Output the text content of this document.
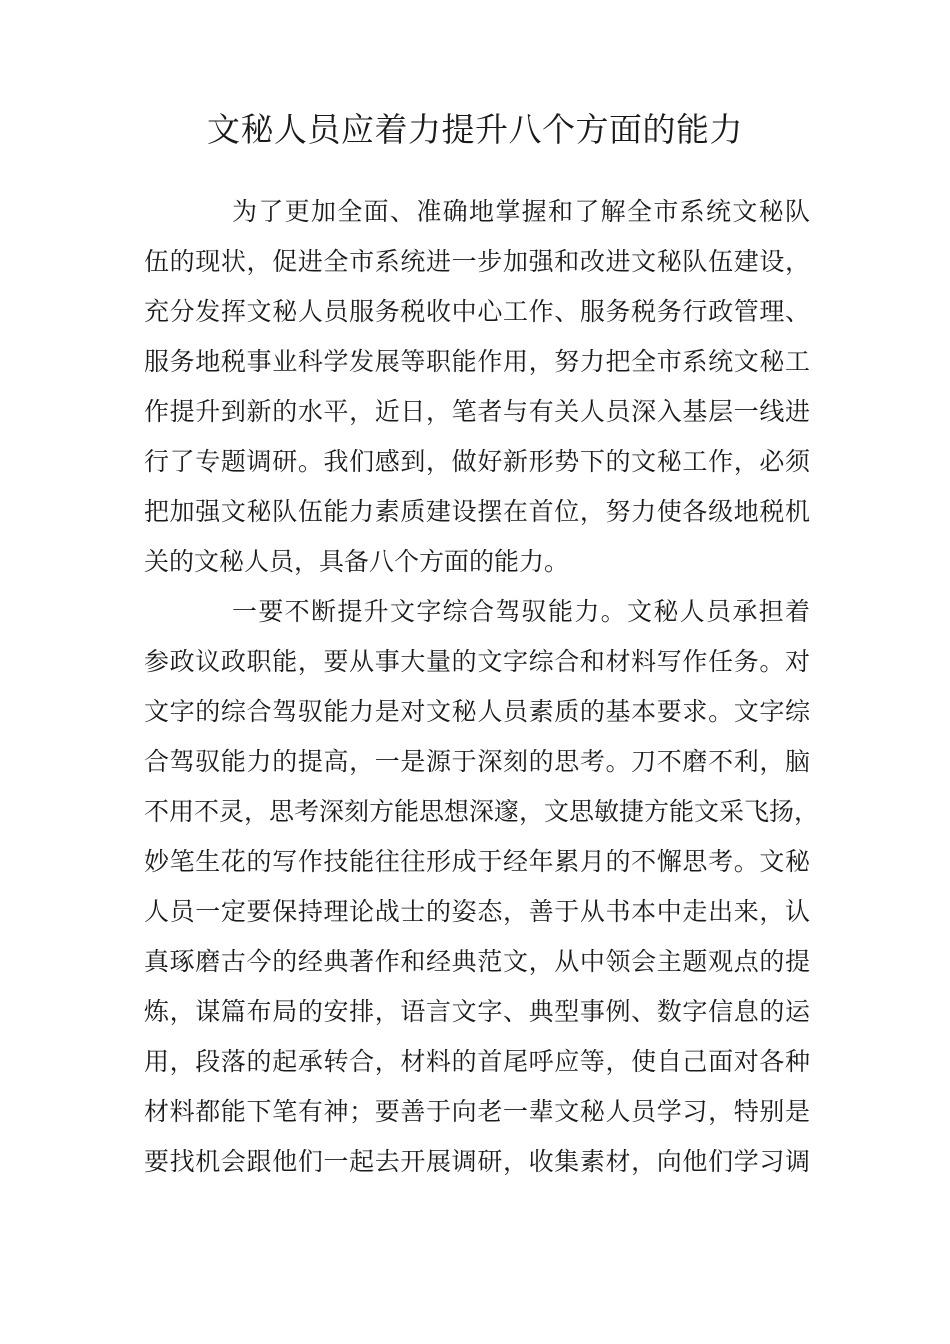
文秘人员应着力提升八个方面的能力

为了更加全面、准确地掌握和了解全市系统文秘队
伍的现状，促进全市系统进一步加强和改进文秘队伍建设，
充分发挥文秘人员服务税收中心工作、服务税务行政管理、
服务地税事业科学发展等职能作用，努力把全市系统文秘工
作提升到新的水平，近日，笔者与有关人员深入基层一线进
行了专题调研。我们感到，做好新形势下的文秘工作，必须
把加强文秘队伍能力素质建设摆在首位，努力使各级地税机
关的文秘人员，具备八个方面的能力。

一要不断提升文字综合驾驭能力。文秘人员承担着
参政议政职能，要从事大量的文字综合和材料写作任务。对
文字的综合驾驭能力是对文秘人员素质的基本要求。文字综
合驾驭能力的提高，一是源于深刻的思考。刀不磨不利，脑
不用不灵，思考深刻方能思想深邃，文思敏捷方能文采飞扬，
妙笔生花的写作技能往往形成于经年累月的不懈思考。文秘
人员一定要保持理论战士的姿态，善于从书本中走出来，认
真琢磨古今的经典著作和经典范文，从中领会主题观点的提
炼，谋篇布局的安排，语言文字、典型事例、数字信息的运
用，段落的起承转合，材料的首尾呼应等，使自己面对各种
材料都能下笔有神；要善于向老一辈文秘人员学习，特别是
要找机会跟他们一起去开展调研，收集素材，向他们学习调
